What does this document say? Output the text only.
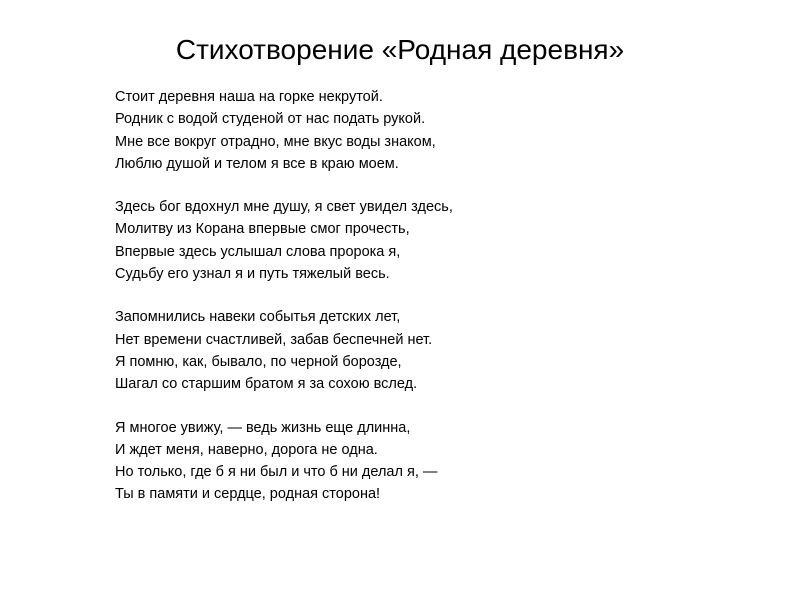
Стихотворение «Родная деревня»
Стоит деревня наша на горке некрутой.
Родник с водой студеной от нас подать рукой.
Мне все вокруг отрадно, мне вкус воды знаком,
Люблю душой и телом я все в краю моем.
Здесь бог вдохнул мне душу, я свет увидел здесь,
Молитву из Корана впервые смог прочесть,
Впервые здесь услышал слова пророка я,
Судьбу его узнал я и путь тяжелый весь.
Запомнились навеки событья детских лет,
Нет времени счастливей, забав беспечней нет.
Я помню, как, бывало, по черной борозде,
Шагал со старшим братом я за сохою вслед.
Я многое увижу, — ведь жизнь еще длинна,
И ждет меня, наверно, дорога не одна.
Но только, где б я ни был и что б ни делал я, —
Ты в памяти и сердце, родная сторона!
